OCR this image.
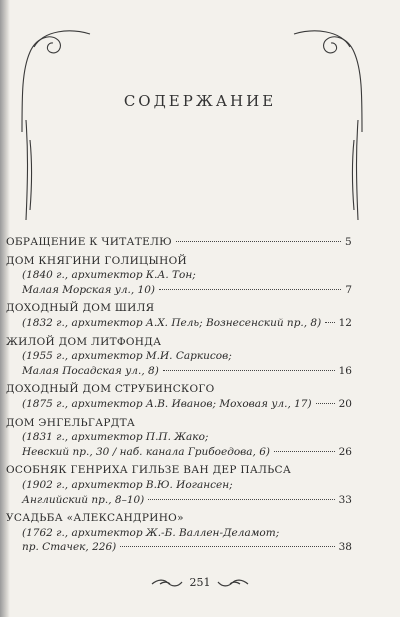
СОДЕРЖАНИЕ
ОБРАЩЕНИЕ К ЧИТАТЕЛЮ	5
ДОМ КНЯГИНИ ГОЛИЦЫНОЙ
(1840 г., архитектор К.А. Тон;
Малая Морская ул., 10)	7
ДОХОДНЫЙ ДОМ ШИЛЯ
(1832 г., архитектор А.Х. Пель; Вознесенский пр., 8) 12
ЖИЛОЙ ДОМ ЛИТФОНДА
(1955 г., архитектор М.И. Саркисов;
Малая Посадская ул., 8)	16
ДОХОДНЫЙ ДОМ СТРУБИНСКОГО
(1875 г., архитектор А.В. Иванов; Моховая ул., 17)	20
ДОМ ЭНГЕЛЬГАРДТА
(1831 г., архитектор П.П. Жако;
Невский пр., 30 / наб. канала Грибоедова, 6)	26
ОСОБНЯК ГЕНРИХА ГИЛЬЗЕ ВАН ДЕР ПАЛЬСА
(1902 г., архитектор В.Ю. Иогансен;
Английский пр., 8–10)	33
УСАДЬБА «АЛЕКСАНДРИНО»
(1762 г., архитектор Ж.-Б. Валлен-Деламот;
пр. Стачек, 226)	38
251
